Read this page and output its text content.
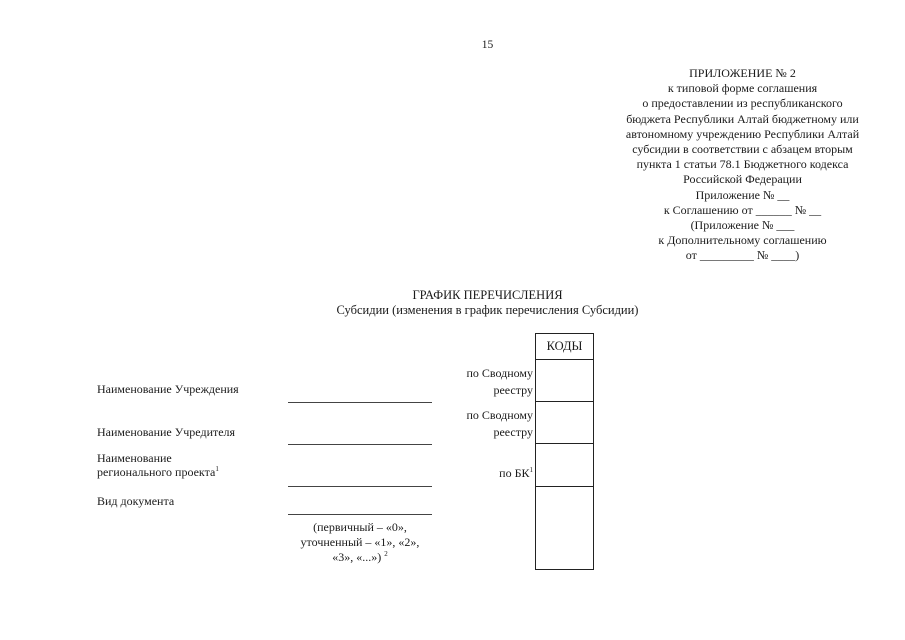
15
ПРИЛОЖЕНИЕ № 2
к типовой форме соглашения
о предоставлении из республиканского
бюджета Республики Алтай бюджетному или
автономному учреждению Республики Алтай
субсидии в соответствии с абзацем вторым
пункта 1 статьи 78.1 Бюджетного кодекса
Российской Федерации
Приложение № __
к Соглашению от ______ № __
(Приложение № ___
к Дополнительному соглашению
от _________ № ____)
ГРАФИК ПЕРЕЧИСЛЕНИЯ
Субсидии (изменения в график перечисления Субсидии)
Наименование Учреждения
Наименование Учредителя
Наименование
регионального проекта$^1$
Вид документа
(первичный – «0»,
уточненный – «1», «2»,
«3», «...») $^2$
по Сводному
реестру
по Сводному
реестру
по $БК^1$
КОДЫ
